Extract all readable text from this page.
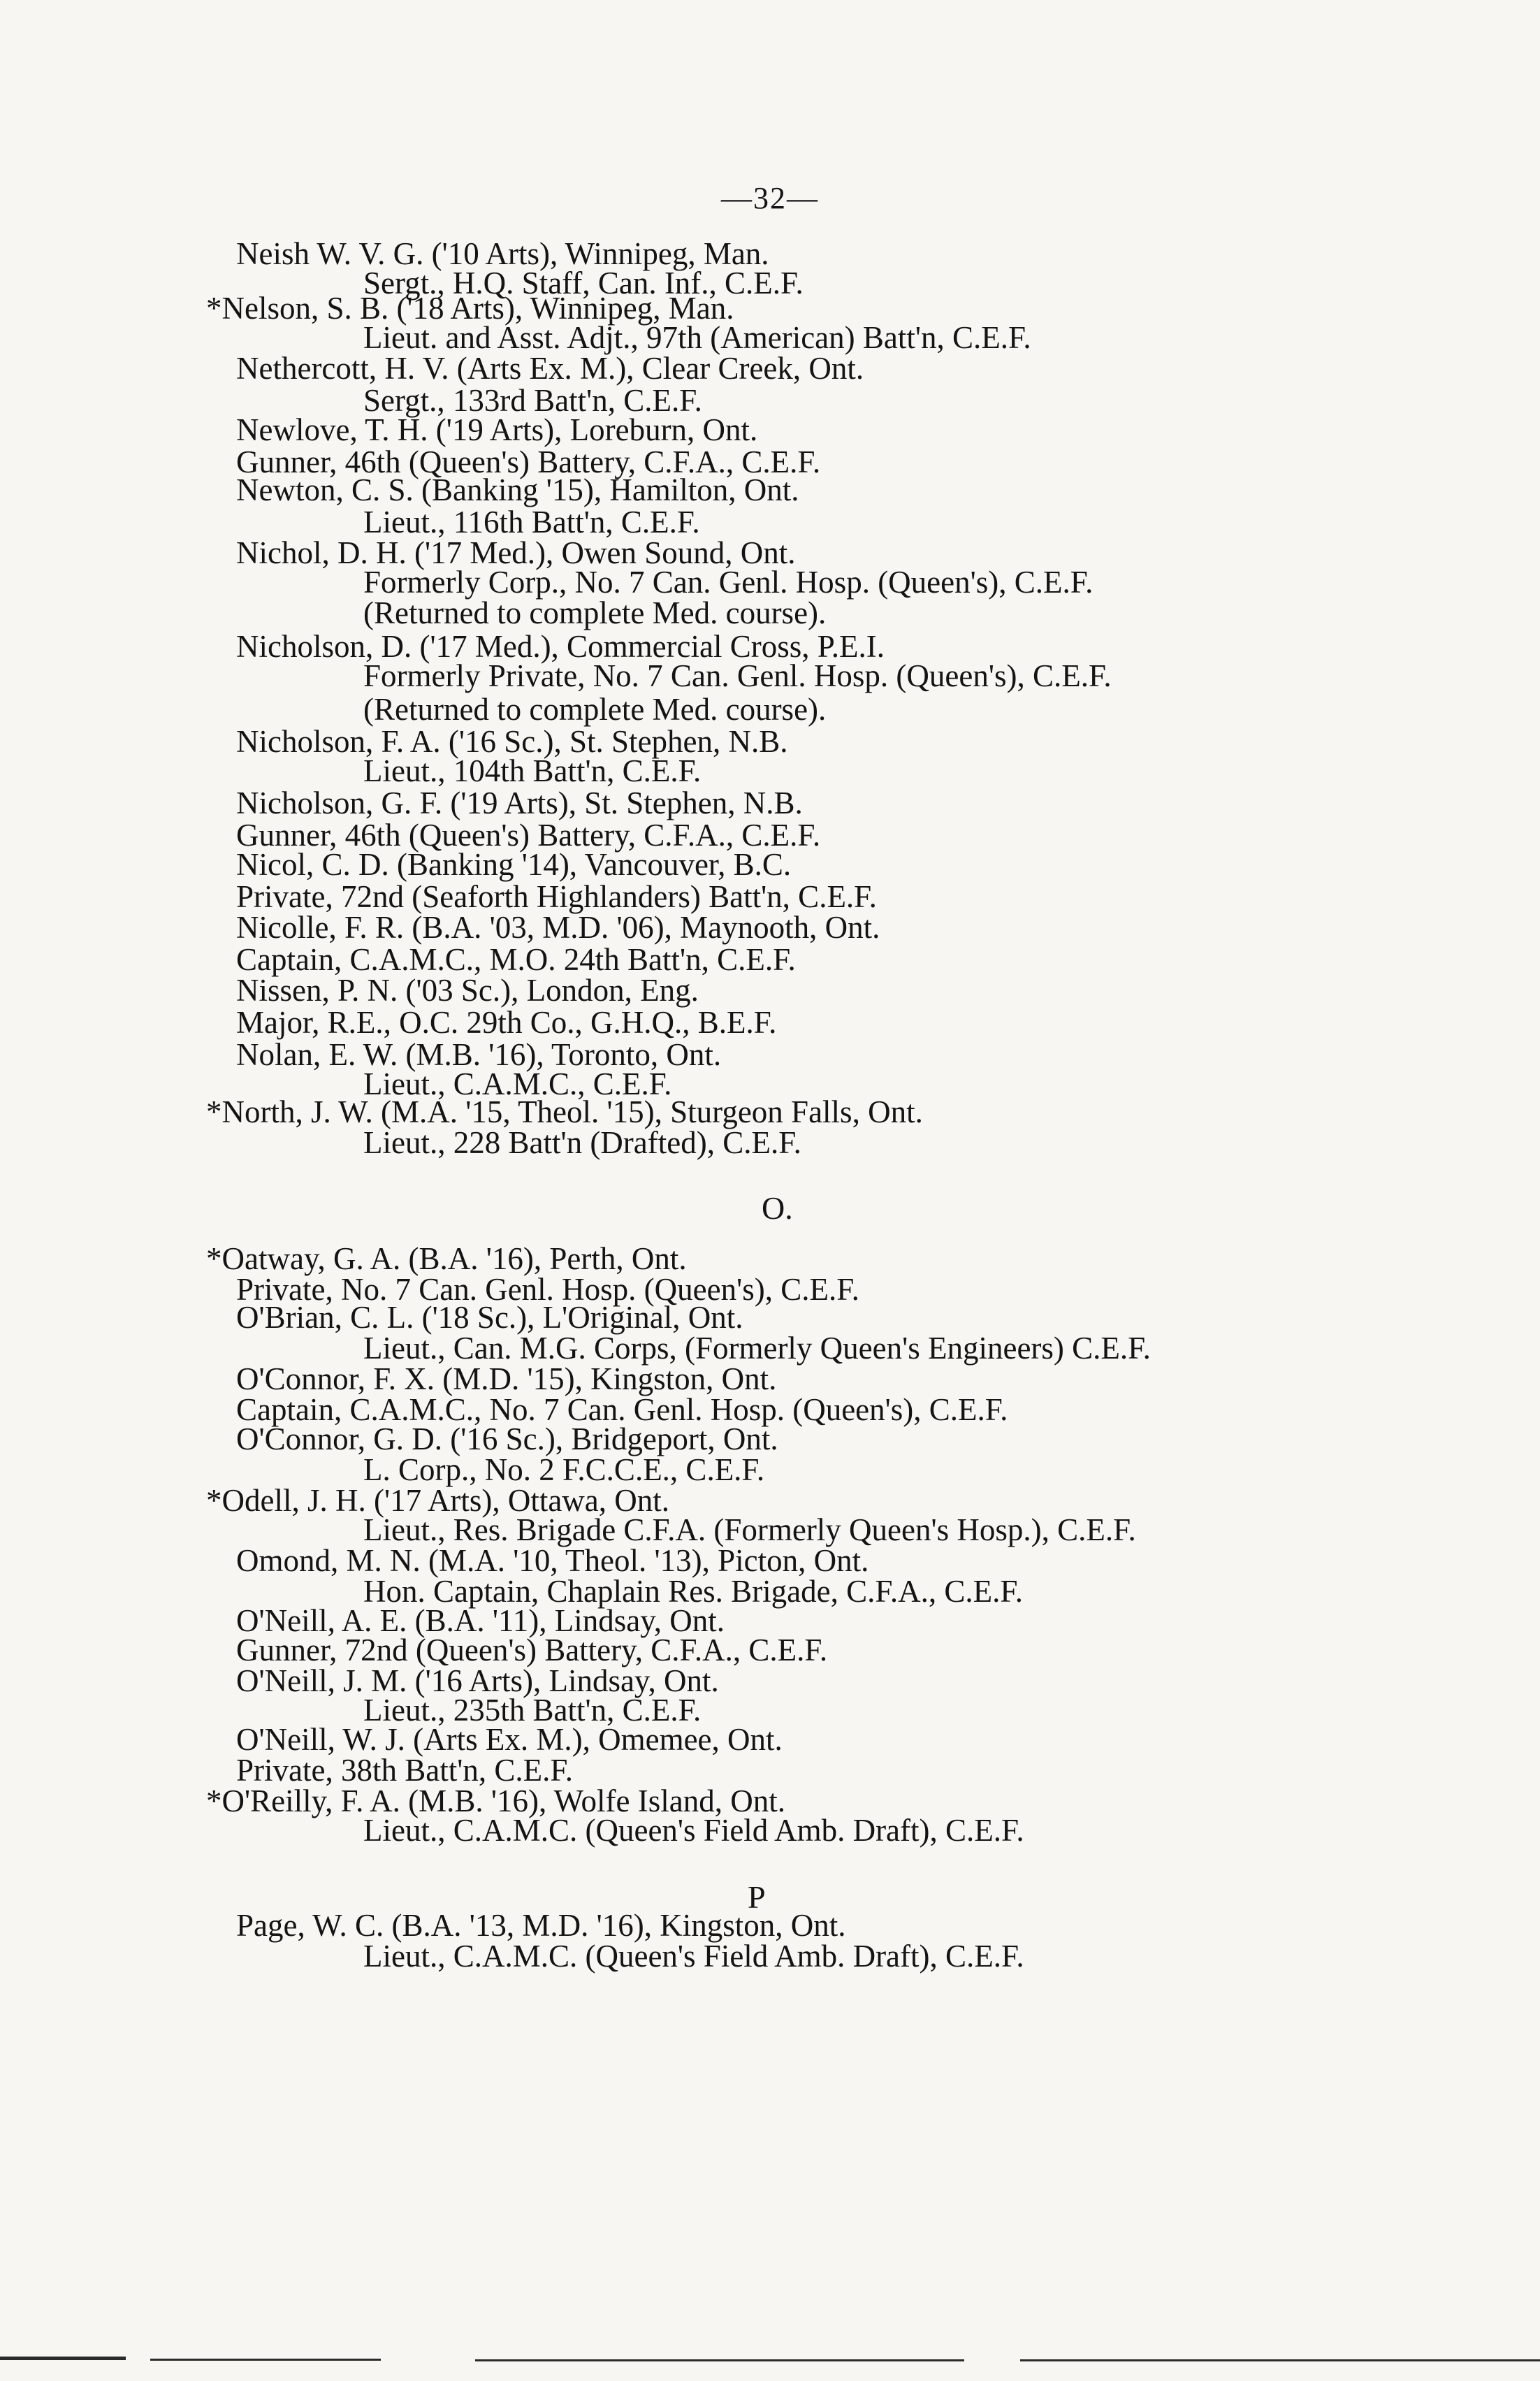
—32—
Neish W. V. G. ('10 Arts), Winnipeg, Man.
Sergt., H.Q. Staff, Can. Inf., C.E.F.
*Nelson, S. B. ('18 Arts), Winnipeg, Man.
Lieut. and Asst. Adjt., 97th (American) Batt'n, C.E.F.
Nethercott, H. V. (Arts Ex. M.), Clear Creek, Ont.
Sergt., 133rd Batt'n, C.E.F.
Newlove, T. H. ('19 Arts), Loreburn, Ont.
Gunner, 46th (Queen's) Battery, C.F.A., C.E.F.
Newton, C. S. (Banking '15), Hamilton, Ont.
Lieut., 116th Batt'n, C.E.F.
Nichol, D. H. ('17 Med.), Owen Sound, Ont.
Formerly Corp., No. 7 Can. Genl. Hosp. (Queen's), C.E.F.
(Returned to complete Med. course).
Nicholson, D. ('17 Med.), Commercial Cross, P.E.I.
Formerly Private, No. 7 Can. Genl. Hosp. (Queen's), C.E.F.
(Returned to complete Med. course).
Nicholson, F. A. ('16 Sc.), St. Stephen, N.B.
Lieut., 104th Batt'n, C.E.F.
Nicholson, G. F. ('19 Arts), St. Stephen, N.B.
Gunner, 46th (Queen's) Battery, C.F.A., C.E.F.
Nicol, C. D. (Banking '14), Vancouver, B.C.
Private, 72nd (Seaforth Highlanders) Batt'n, C.E.F.
Nicolle, F. R. (B.A. '03, M.D. '06), Maynooth, Ont.
Captain, C.A.M.C., M.O. 24th Batt'n, C.E.F.
Nissen, P. N. ('03 Sc.), London, Eng.
Major, R.E., O.C. 29th Co., G.H.Q., B.E.F.
Nolan, E. W. (M.B. '16), Toronto, Ont.
Lieut., C.A.M.C., C.E.F.
*North, J. W. (M.A. '15, Theol. '15), Sturgeon Falls, Ont.
Lieut., 228 Batt'n (Drafted), C.E.F.
O.
*Oatway, G. A. (B.A. '16), Perth, Ont.
Private, No. 7 Can. Genl. Hosp. (Queen's), C.E.F.
O'Brian, C. L. ('18 Sc.), L'Original, Ont.
Lieut., Can. M.G. Corps, (Formerly Queen's Engineers) C.E.F.
O'Connor, F. X. (M.D. '15), Kingston, Ont.
Captain, C.A.M.C., No. 7 Can. Genl. Hosp. (Queen's), C.E.F.
O'Connor, G. D. ('16 Sc.), Bridgeport, Ont.
L. Corp., No. 2 F.C.C.E., C.E.F.
*Odell, J. H. ('17 Arts), Ottawa, Ont.
Lieut., Res. Brigade C.F.A. (Formerly Queen's Hosp.), C.E.F.
Omond, M. N. (M.A. '10, Theol. '13), Picton, Ont.
Hon. Captain, Chaplain Res. Brigade, C.F.A., C.E.F.
O'Neill, A. E. (B.A. '11), Lindsay, Ont.
Gunner, 72nd (Queen's) Battery, C.F.A., C.E.F.
O'Neill, J. M. ('16 Arts), Lindsay, Ont.
Lieut., 235th Batt'n, C.E.F.
O'Neill, W. J. (Arts Ex. M.), Omemee, Ont.
Private, 38th Batt'n, C.E.F.
*O'Reilly, F. A. (M.B. '16), Wolfe Island, Ont.
Lieut., C.A.M.C. (Queen's Field Amb. Draft), C.E.F.
P
Page, W. C. (B.A. '13, M.D. '16), Kingston, Ont.
Lieut., C.A.M.C. (Queen's Field Amb. Draft), C.E.F.
